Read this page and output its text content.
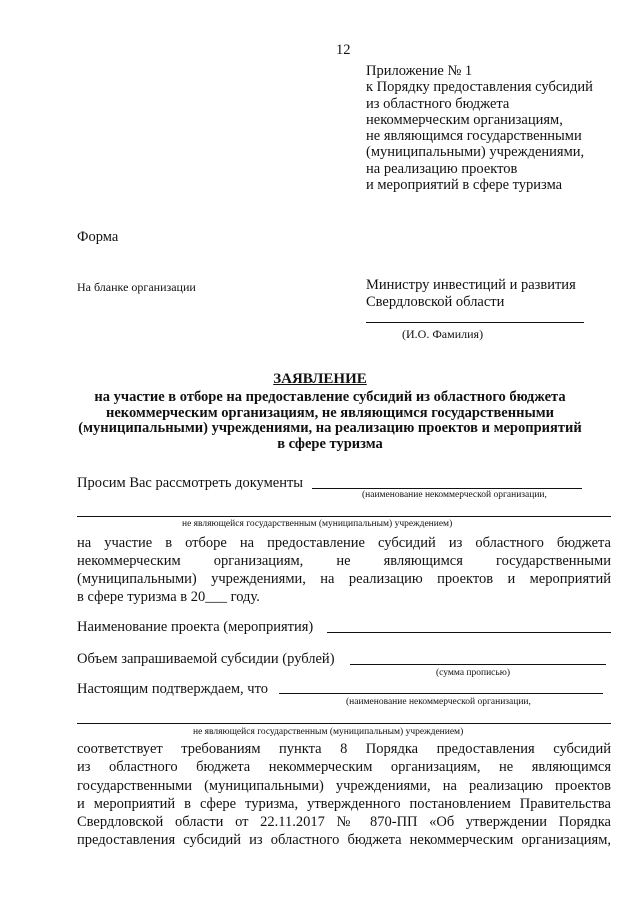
12
Приложение № 1
к Порядку предоставления субсидий
из областного бюджета
некоммерческим организациям,
не являющимся государственными
(муниципальными) учреждениями,
на реализацию проектов
и мероприятий в сфере туризма
Форма
На бланке организации	Министру инвестиций и развития
Свердловской области
(И.О. Фамилия)
ЗАЯВЛЕНИЕ
на участие в отборе на предоставление субсидий из областного бюджета
некоммерческим организациям, не являющимся государственными
(муниципальными) учреждениями, на реализацию проектов и мероприятий
в сфере туризма
Просим Вас рассмотреть документы
(наименование некоммерческой организации,
не являющейся государственным (муниципальным) учреждением)
на участие в отборе на предоставление субсидий из областного бюджета
некоммерческим организациям, не являющимся государственными
(муниципальными) учреждениями, на реализацию проектов и мероприятий
в сфере туризма в 20___ году.
Наименование проекта (мероприятия)
Объем запрашиваемой субсидии (рублей)
(сумма прописью)
Настоящим подтверждаем, что
(наименование некоммерческой организации,
не являющейся государственным (муниципальным) учреждением)
соответствует требованиям пункта 8 Порядка предоставления субсидий
из областного бюджета некоммерческим организациям, не являющимся
государственными (муниципальными) учреждениями, на реализацию проектов
и мероприятий в сфере туризма, утвержденного постановлением Правительства
Свердловской области от 22.11.2017 № 870-ПП «Об утверждении Порядка
предоставления субсидий из областного бюджета некоммерческим организациям,
